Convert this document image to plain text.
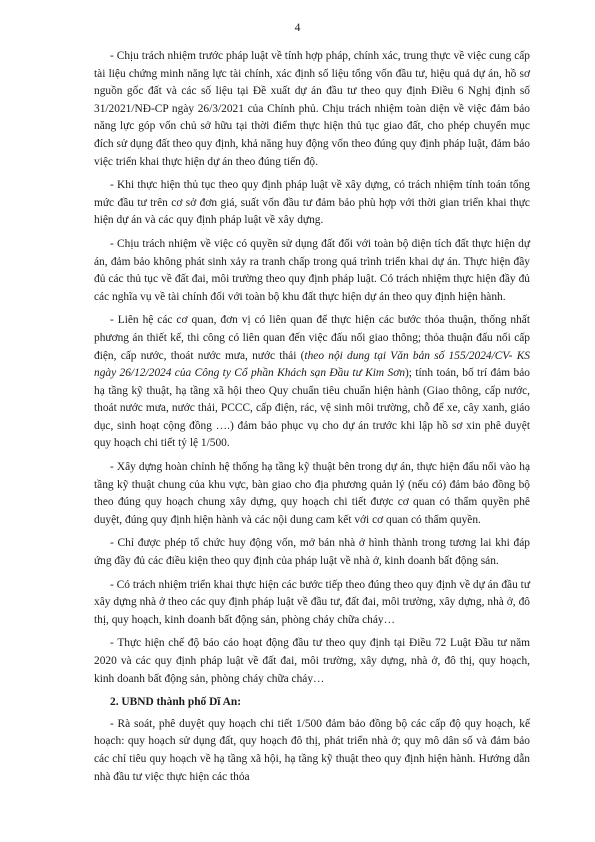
4

- Chịu trách nhiệm trước pháp luật về tính hợp pháp, chính xác, trung thực về việc cung cấp tài liệu chứng minh năng lực tài chính, xác định số liệu tổng vốn đầu tư, hiệu quả dự án, hồ sơ nguồn gốc đất và các số liệu tại Đề xuất dự án đầu tư theo quy định Điều 6 Nghị định số 31/2021/NĐ-CP ngày 26/3/2021 của Chính phủ. Chịu trách nhiệm toàn diện về việc đảm bảo năng lực góp vốn chủ sở hữu tại thời điểm thực hiện thủ tục giao đất, cho phép chuyển mục đích sử dụng đất theo quy định, khả năng huy động vốn theo đúng quy định pháp luật, đảm bảo việc triển khai thực hiện dự án theo đúng tiến độ.

- Khi thực hiện thủ tục theo quy định pháp luật về xây dựng, có trách nhiệm tính toán tổng mức đầu tư trên cơ sở đơn giá, suất vốn đầu tư đảm bảo phù hợp với thời gian triển khai thực hiện dự án và các quy định pháp luật về xây dựng.

- Chịu trách nhiệm về việc có quyền sử dụng đất đối với toàn bộ diện tích đất thực hiện dự án, đảm bảo không phát sinh xảy ra tranh chấp trong quá trình triển khai dự án. Thực hiện đầy đủ các thủ tục về đất đai, môi trường theo quy định pháp luật. Có trách nhiệm thực hiện đầy đủ các nghĩa vụ về tài chính đối với toàn bộ khu đất thực hiện dự án theo quy định hiện hành.

- Liên hệ các cơ quan, đơn vị có liên quan để thực hiện các bước thỏa thuận, thống nhất phương án thiết kế, thi công có liên quan đến việc đấu nối giao thông; thỏa thuận đấu nối cấp điện, cấp nước, thoát nước mưa, nước thải (theo nội dung tại Văn bản số 155/2024/CV- KS ngày 26/12/2024 của Công ty Cổ phần Khách sạn Đầu tư Kim Sơn); tính toán, bố trí đảm bảo hạ tầng kỹ thuật, hạ tầng xã hội theo Quy chuẩn tiêu chuẩn hiện hành (Giao thông, cấp nước, thoát nước mưa, nước thải, PCCC, cấp điện, rác, vệ sinh môi trường, chỗ để xe, cây xanh, giáo dục, sinh hoạt cộng đồng ….) đảm bảo phục vụ cho dự án trước khi lập hồ sơ xin phê duyệt quy hoạch chi tiết tỷ lệ 1/500.

- Xây dựng hoàn chỉnh hệ thống hạ tầng kỹ thuật bên trong dự án, thực hiện đấu nối vào hạ tầng kỹ thuật chung của khu vực, bàn giao cho địa phương quản lý (nếu có) đảm bảo đồng bộ theo đúng quy hoạch chung xây dựng, quy hoạch chi tiết được cơ quan có thẩm quyền phê duyệt, đúng quy định hiện hành và các nội dung cam kết với cơ quan có thẩm quyền.

- Chỉ được phép tổ chức huy động vốn, mở bán nhà ở hình thành trong tương lai khi đáp ứng đầy đủ các điều kiện theo quy định của pháp luật về nhà ở, kinh doanh bất động sản.

- Có trách nhiệm triển khai thực hiện các bước tiếp theo đúng theo quy định về dự án đầu tư xây dựng nhà ở theo các quy định pháp luật về đầu tư, đất đai, môi trường, xây dựng, nhà ở, đô thị, quy hoạch, kinh doanh bất động sản, phòng cháy chữa cháy…

- Thực hiện chế độ báo cáo hoạt động đầu tư theo quy định tại Điều 72 Luật Đầu tư năm 2020 và các quy định pháp luật về đất đai, môi trường, xây dựng, nhà ở, đô thị, quy hoạch, kinh doanh bất động sản, phòng cháy chữa cháy…

2. UBND thành phố Dĩ An:

- Rà soát, phê duyệt quy hoạch chi tiết 1/500 đảm bảo đồng bộ các cấp độ quy hoạch, kế hoạch: quy hoạch sử dụng đất, quy hoạch đô thị, phát triển nhà ở; quy mô dân số và đảm bảo các chỉ tiêu quy hoạch về hạ tầng xã hội, hạ tầng kỹ thuật theo quy định hiện hành. Hướng dẫn nhà đầu tư việc thực hiện các thỏa
